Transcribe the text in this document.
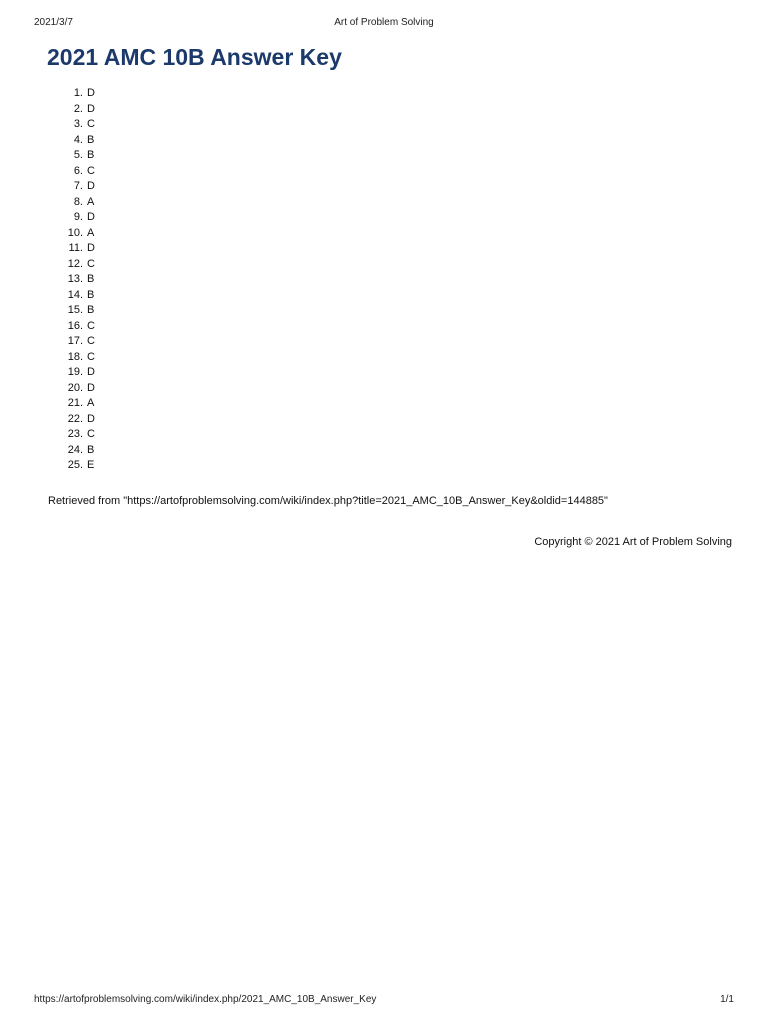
2021/3/7	Art of Problem Solving
2021 AMC 10B Answer Key
1. D
2. D
3. C
4. B
5. B
6. C
7. D
8. A
9. D
10. A
11. D
12. C
13. B
14. B
15. B
16. C
17. C
18. C
19. D
20. D
21. A
22. D
23. C
24. B
25. E
Retrieved from "https://artofproblemsolving.com/wiki/index.php?title=2021_AMC_10B_Answer_Key&oldid=144885"
Copyright © 2021 Art of Problem Solving
https://artofproblemsolving.com/wiki/index.php/2021_AMC_10B_Answer_Key	1/1
